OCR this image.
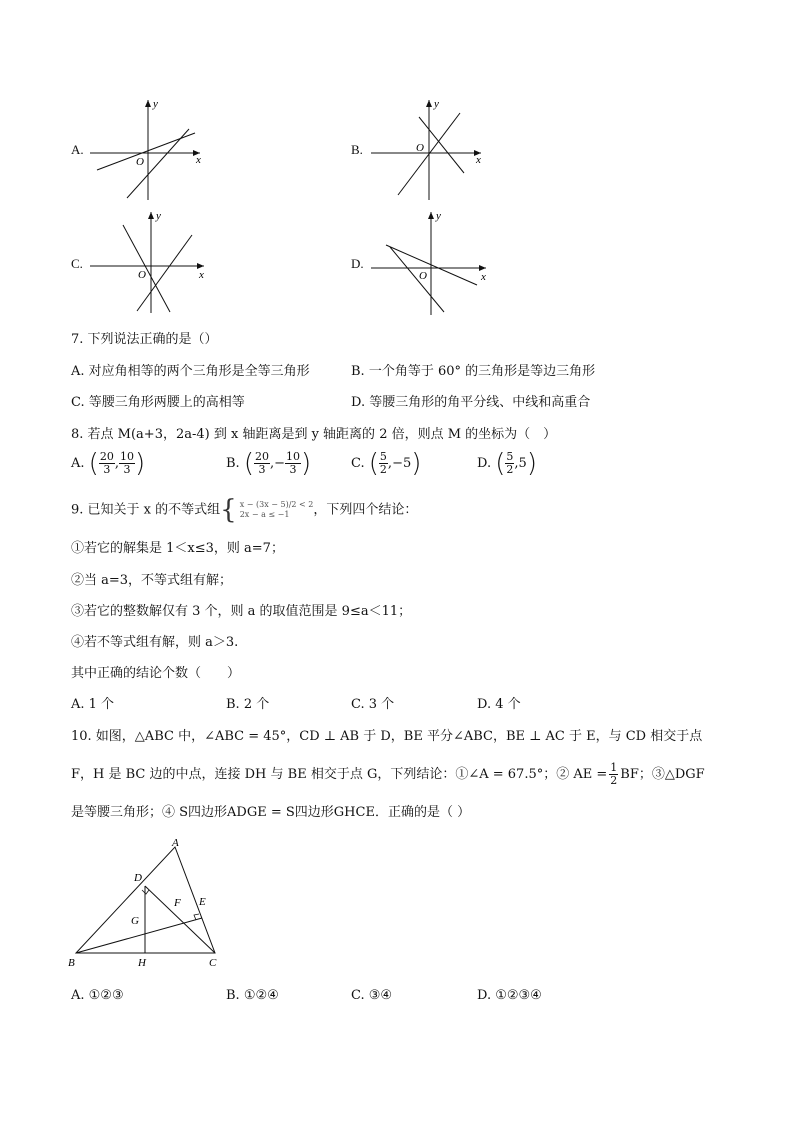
A.
x
y
O
B.
x
y
O
C.
x
y
O
D.
x
y
O
7. 下列说法正确的是（）
A. 对应角相等的两个三角形是全等三角形	B. 一个角等于 60° 的三角形是等边三角形
C. 等腰三角形两腰上的高相等	D. 等腰三角形的角平分线、中线和高重合
8. 若点 M(a+3，2a-4) 到 x 轴距离是到 y 轴距离的 2 倍，则点 M 的坐标为（　）
A. ( $\frac{20}{3}$ , $\frac{10}{3}$ )	B. ( $\frac{20}{3}$ ,− $\frac{10}{3}$ )	C. ( $\frac{5}{2} ,-5$)	D. ( $\frac{5}{2} ,5$)
9. 已知关于 x 的不等式组{ x − (3x − 5)/2 < 2
2x − a ≤ −1	，下列四个结论：
①若它的解集是 1＜x≤3，则 a=7；
②当 a=3，不等式组有解；
③若它的整数解仅有 3 个，则 a 的取值范围是 9≤a＜11；
④若不等式组有解，则 a＞3.
其中正确的结论个数（　　）
A. 1 个	B. 2 个	C. 3 个	D. 4 个
10. 如图，△ABC 中，∠ABC = 45°，CD ⊥ AB 于 D，BE 平分∠ABC，BE ⊥ AC 于 E，与 CD 相交于点
F，H 是 BC 边的中点，连接 DH 与 BE 相交于点 G，下列结论：①∠A = 67.5°；② AE = $\frac{1}{2}$ BF；③△DGF
是等腰三角形；④ S四边形ADGE = S四边形GHCE．正确的是（ ）
A
B	C
D
E
F
G
H
A. ①②③	B. ①②④	C. ③④	D. ①②③④
